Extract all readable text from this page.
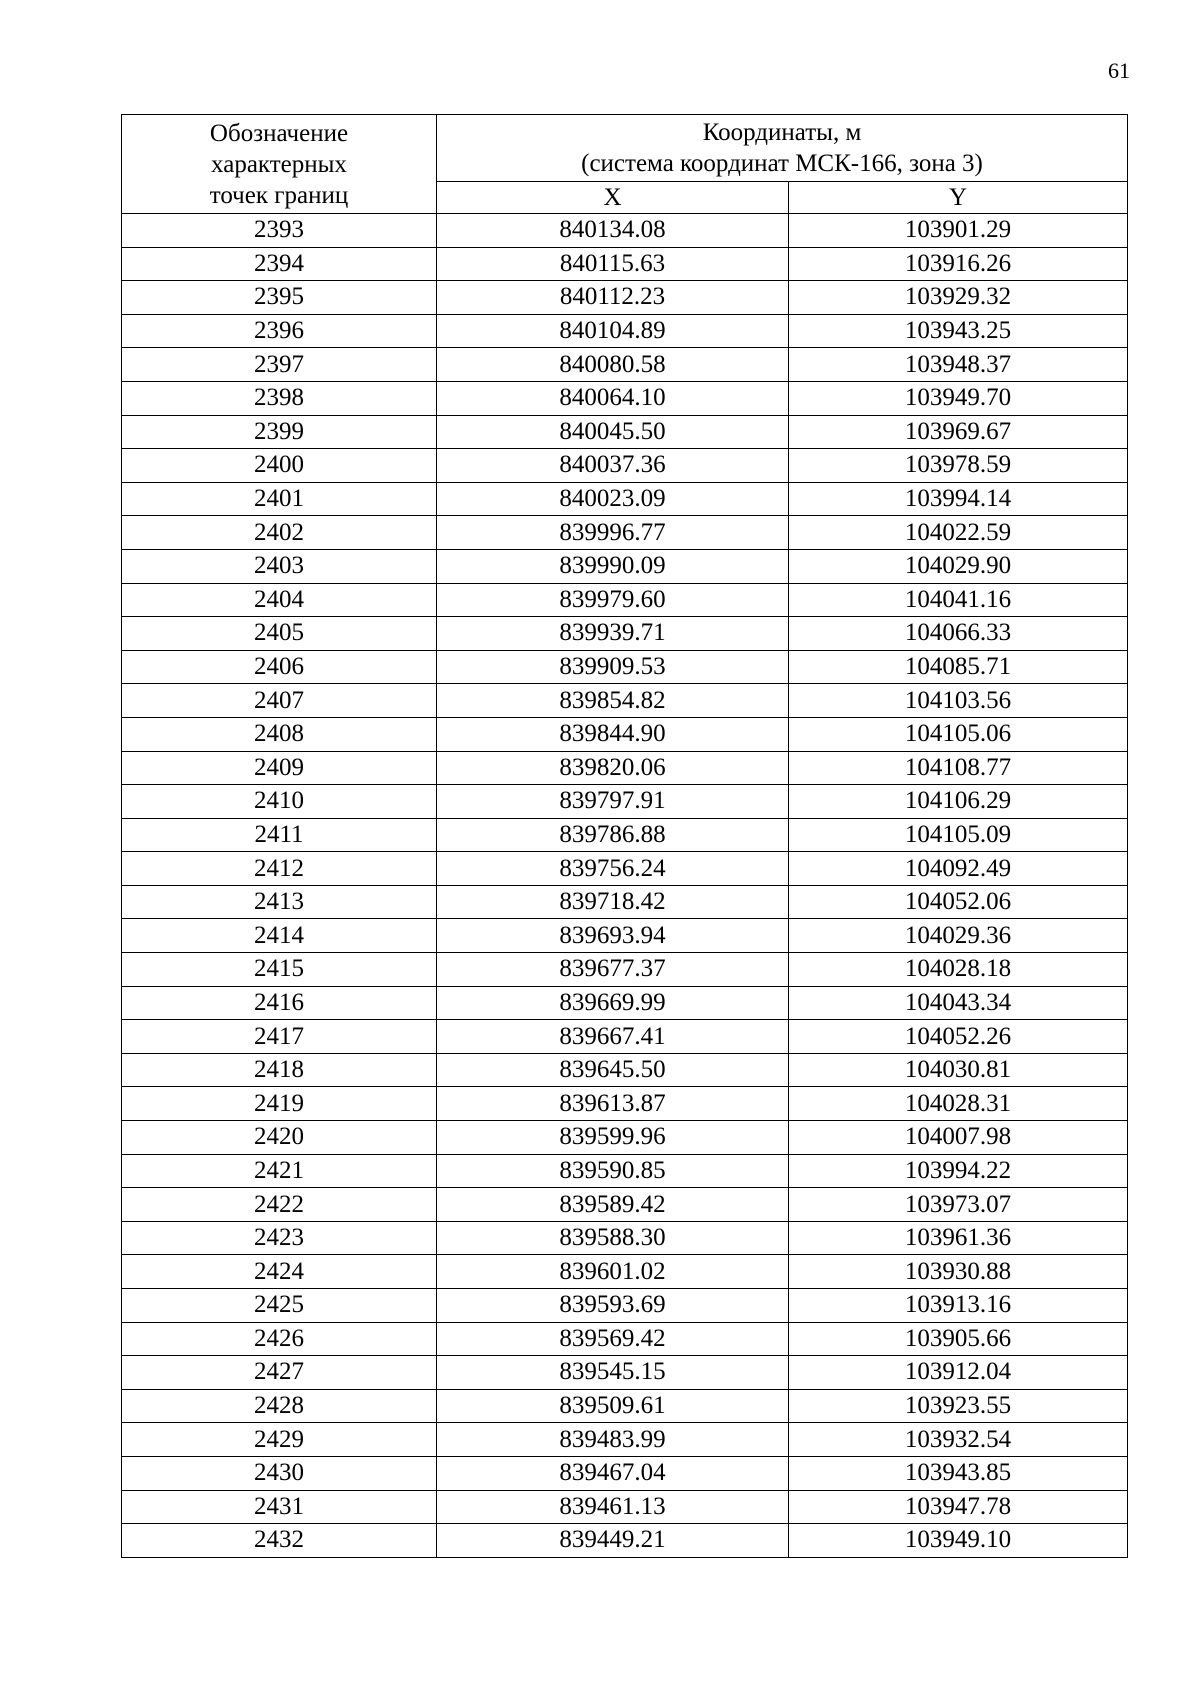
61
Обозначение характерных точек границ	Координаты, м
(система координат МСК-166, зона 3)	

	X	Y
2393	840134.08	103901.29
2394	840115.63	103916.26
2395	840112.23	103929.32
2396	840104.89	103943.25
2397	840080.58	103948.37
2398	840064.10	103949.70
2399	840045.50	103969.67
2400	840037.36	103978.59
2401	840023.09	103994.14
2402	839996.77	104022.59
2403	839990.09	104029.90
2404	839979.60	104041.16
2405	839939.71	104066.33
2406	839909.53	104085.71
2407	839854.82	104103.56
2408	839844.90	104105.06
2409	839820.06	104108.77
2410	839797.91	104106.29
2411	839786.88	104105.09
2412	839756.24	104092.49
2413	839718.42	104052.06
2414	839693.94	104029.36
2415	839677.37	104028.18
2416	839669.99	104043.34
2417	839667.41	104052.26
2418	839645.50	104030.81
2419	839613.87	104028.31
2420	839599.96	104007.98
2421	839590.85	103994.22
2422	839589.42	103973.07
2423	839588.30	103961.36
2424	839601.02	103930.88
2425	839593.69	103913.16
2426	839569.42	103905.66
2427	839545.15	103912.04
2428	839509.61	103923.55
2429	839483.99	103932.54
2430	839467.04	103943.85
2431	839461.13	103947.78
2432	839449.21	103949.10
